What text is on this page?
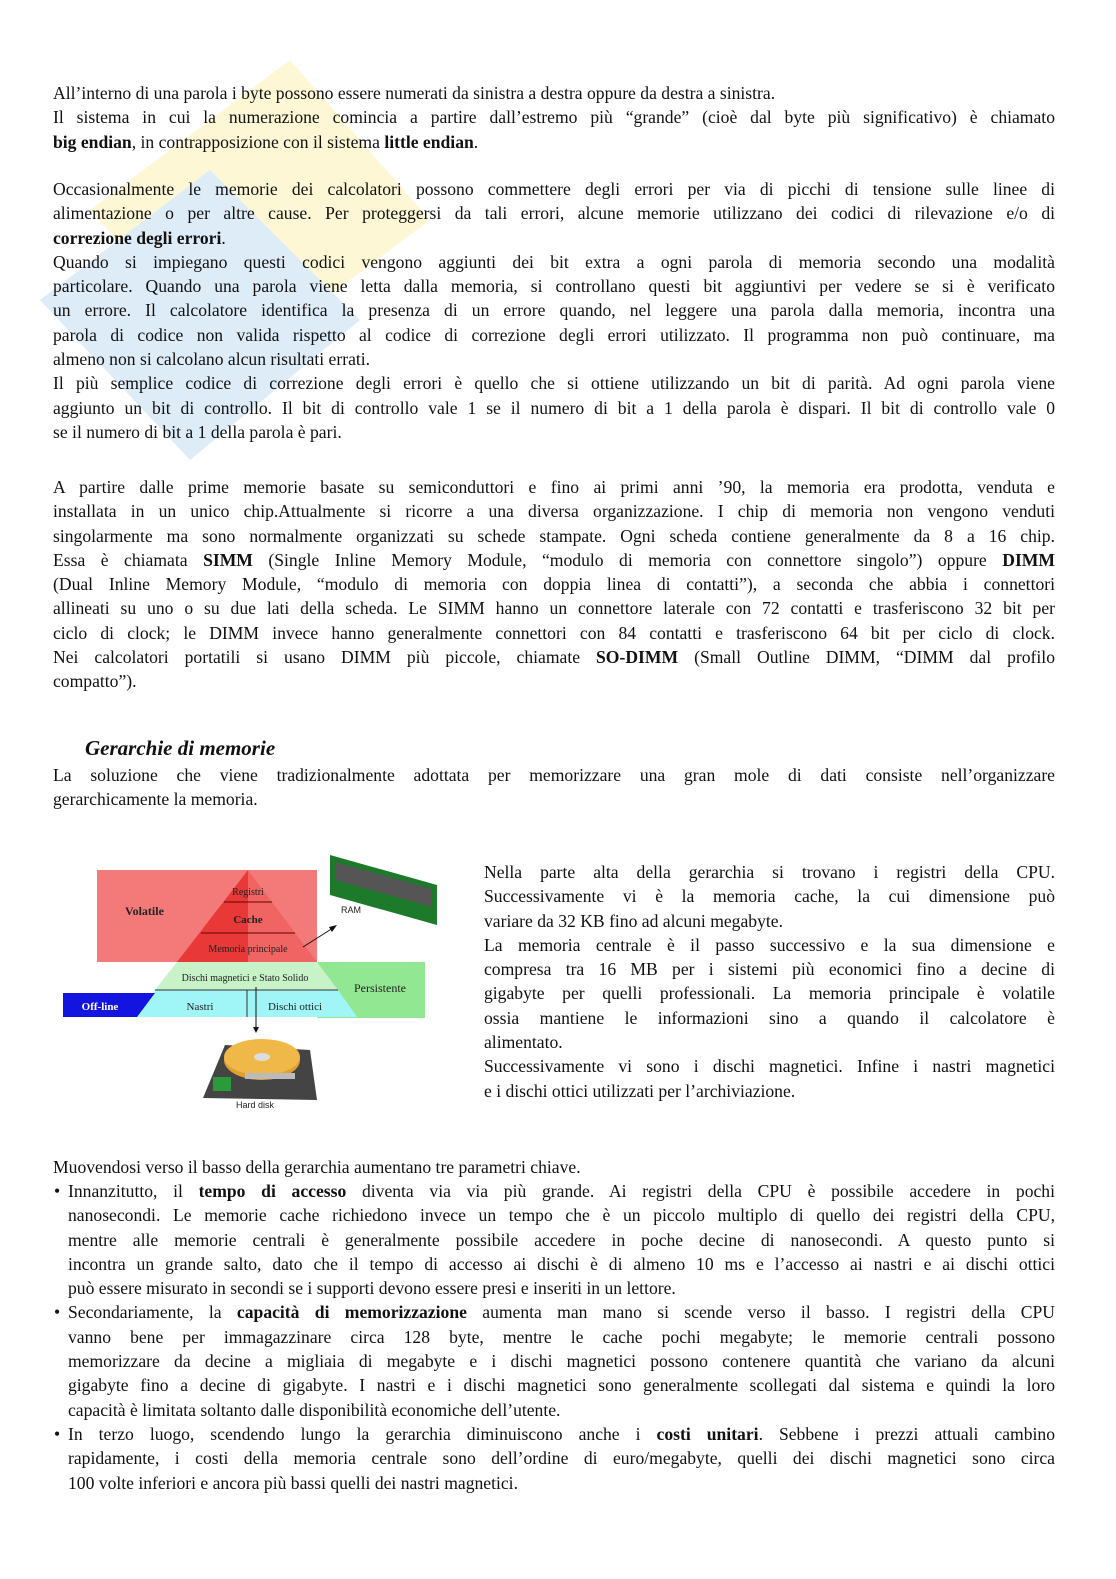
All’interno di una parola i byte possono essere numerati da sinistra a destra oppure da destra a sinistra.
Il sistema in cui la numerazione comincia a partire dall’estremo più “grande” (cioè dal byte più significativo) è chiamato
big endian, in contrapposizione con il sistema little endian.
Occasionalmente le memorie dei calcolatori possono commettere degli errori per via di picchi di tensione sulle linee di
alimentazione o per altre cause. Per proteggersi da tali errori, alcune memorie utilizzano dei codici di rilevazione e/o di
correzione degli errori.
Quando si impiegano questi codici vengono aggiunti dei bit extra a ogni parola di memoria secondo una modalità
particolare. Quando una parola viene letta dalla memoria, si controllano questi bit aggiuntivi per vedere se si è verificato
un errore. Il calcolatore identifica la presenza di un errore quando, nel leggere una parola dalla memoria, incontra una
parola di codice non valida rispetto al codice di correzione degli errori utilizzato. Il programma non può continuare, ma
almeno non si calcolano alcun risultati errati.
Il più semplice codice di correzione degli errori è quello che si ottiene utilizzando un bit di parità. Ad ogni parola viene
aggiunto un bit di controllo. Il bit di controllo vale 1 se il numero di bit a 1 della parola è dispari. Il bit di controllo vale 0
se il numero di bit a 1 della parola è pari.
A partire dalle prime memorie basate su semiconduttori e fino ai primi anni ’90, la memoria era prodotta, venduta e
installata in un unico chip.Attualmente si ricorre a una diversa organizzazione. I chip di memoria non vengono venduti
singolarmente ma sono normalmente organizzati su schede stampate. Ogni scheda contiene generalmente da 8 a 16 chip.
Essa è chiamata SIMM (Single Inline Memory Module, “modulo di memoria con connettore singolo”) oppure DIMM
(Dual Inline Memory Module, “modulo di memoria con doppia linea di contatti”), a seconda che abbia i connettori
allineati su uno o su due lati della scheda. Le SIMM hanno un connettore laterale con 72 contatti e trasferiscono 32 bit per
ciclo di clock; le DIMM invece hanno generalmente connettori con 84 contatti e trasferiscono 64 bit per ciclo di clock.
Nei calcolatori portatili si usano DIMM più piccole, chiamate SO-DIMM (Small Outline DIMM, “DIMM dal profilo
compatto”).
Gerarchie di memorie
La soluzione che viene tradizionalmente adottata per memorizzare una gran mole di dati consiste nell’organizzare
gerarchicamente la memoria.
Volatile
Registri
Cache
Memoria principale
Dischi magnetici e Stato Solido
Persistente
Off-line	Nastri	Dischi ottici
RAM
Hard disk
Nella parte alta della gerarchia si trovano i registri della CPU.
Successivamente vi è la memoria cache, la cui dimensione può
variare da 32 KB fino ad alcuni megabyte.
La memoria centrale è il passo successivo e la sua dimensione e
compresa tra 16 MB per i sistemi più economici fino a decine di
gigabyte per quelli professionali. La memoria principale è volatile
ossia mantiene le informazioni sino a quando il calcolatore è
alimentato.
Successivamente vi sono i dischi magnetici. Infine i nastri magnetici
e i dischi ottici utilizzati per l’archiviazione.
Muovendosi verso il basso della gerarchia aumentano tre parametri chiave.
• Innanzitutto, il tempo di accesso diventa via via più grande. Ai registri della CPU è possibile accedere in pochi
nanosecondi. Le memorie cache richiedono invece un tempo che è un piccolo multiplo di quello dei registri della CPU,
mentre alle memorie centrali è generalmente possibile accedere in poche decine di nanosecondi. A questo punto si
incontra un grande salto, dato che il tempo di accesso ai dischi è di almeno 10 ms e l’accesso ai nastri e ai dischi ottici
può essere misurato in secondi se i supporti devono essere presi e inseriti in un lettore.
• Secondariamente, la capacità di memorizzazione aumenta man mano si scende verso il basso. I registri della CPU
vanno bene per immagazzinare circa 128 byte, mentre le cache pochi megabyte; le memorie centrali possono
memorizzare da decine a migliaia di megabyte e i dischi magnetici possono contenere quantità che variano da alcuni
gigabyte fino a decine di gigabyte. I nastri e i dischi magnetici sono generalmente scollegati dal sistema e quindi la loro
capacità è limitata soltanto dalle disponibilità economiche dell’utente.
• In terzo luogo, scendendo lungo la gerarchia diminuiscono anche i costi unitari. Sebbene i prezzi attuali cambino
rapidamente, i costi della memoria centrale sono dell’ordine di euro/megabyte, quelli dei dischi magnetici sono circa
100 volte inferiori e ancora più bassi quelli dei nastri magnetici.
